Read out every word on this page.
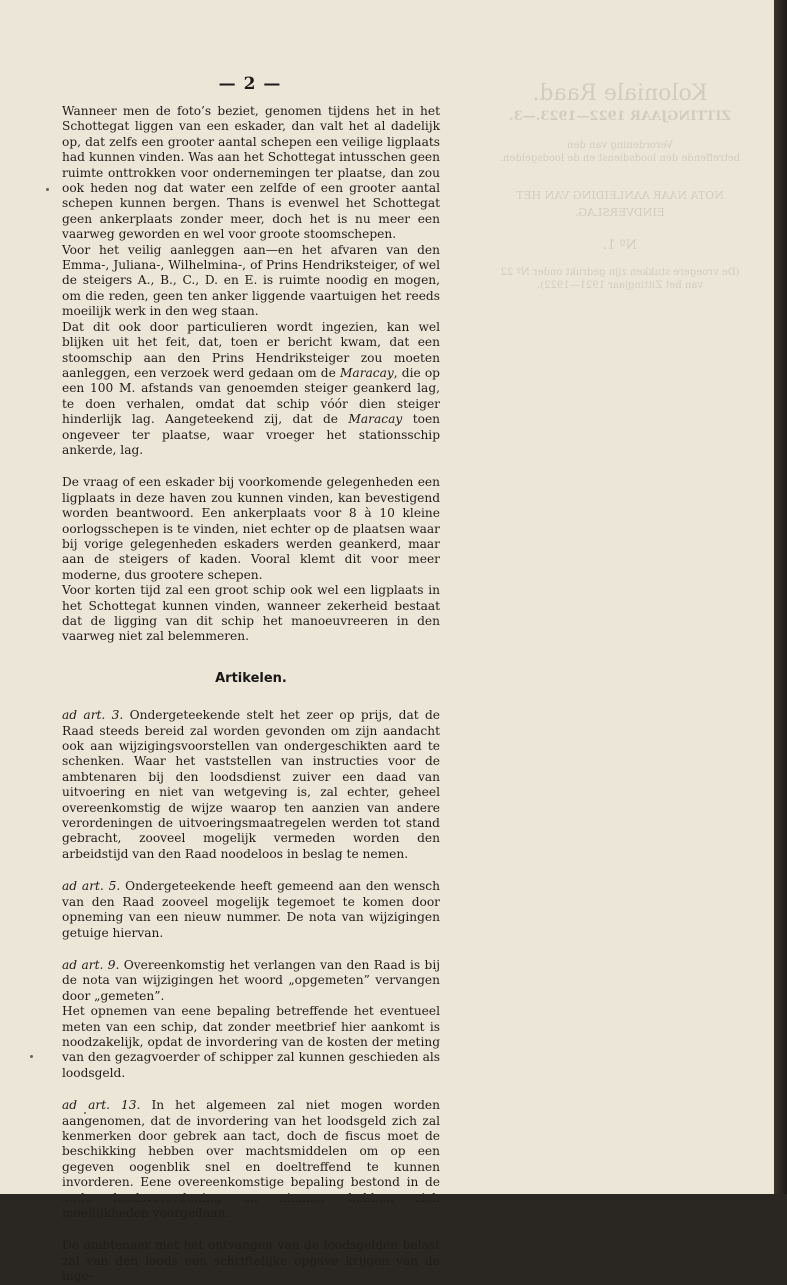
Koloniale Raad.
ZITTINGJAAR 1922—1923.—3.
Verordening van den
betreffende den loodsdienst en de loodsgelden.
NOTA NAAR AANLEIDING VAN HET
EINDVERSLAG.
Nº 1.
(De vroegere stukken zijn gedrukt onder Nº 22
van het Zittingjaar 1921—1922).
— 2 —

Wanneer men de foto’s beziet, genomen tijdens het in het Schottegat liggen van een eskader, dan valt het al dadelijk op, dat zelfs een grooter aantal schepen een veilige ligplaats had kunnen vinden. Was aan het Schottegat intusschen geen ruimte onttrokken voor ondernemingen ter plaatse, dan zou ook heden nog dat water een zelfde of een grooter aantal schepen kunnen bergen. Thans is evenwel het Schottegat geen ankerplaats zonder meer, doch het is nu meer een vaarweg geworden en wel voor groote stoomschepen.

Voor het veilig aanleggen aan—en het afvaren van den Emma-, Juliana-, Wilhelmina-, of Prins Hendriksteiger, of wel de steigers A., B., C., D. en E. is ruimte noodig en mogen, om die reden, geen ten anker liggende vaartuigen het reeds moeilijk werk in den weg staan.

Dat dit ook door particulieren wordt ingezien, kan wel blijken uit het feit, dat, toen er bericht kwam, dat een stoomschip aan den Prins Hendriksteiger zou moeten aanleggen, een verzoek werd gedaan om de Maracay, die op een 100 M. afstands van genoemden steiger geankerd lag, te doen verhalen, omdat dat schip vóór dien steiger hinderlijk lag. Aangeteekend zij, dat de Maracay toen ongeveer ter plaatse, waar vroeger het stationsschip ankerde, lag.

De vraag of een eskader bij voorkomende gelegenheden een ligplaats in deze haven zou kunnen vinden, kan bevestigend worden beantwoord. Een ankerplaats voor 8 à 10 kleine oorlogsschepen is te vinden, niet echter op de plaatsen waar bij vorige gelegenheden eskaders werden geankerd, maar aan de steigers of kaden. Vooral klemt dit voor meer moderne, dus grootere schepen.

Voor korten tijd zal een groot schip ook wel een ligplaats in het Schottegat kunnen vinden, wanneer zekerheid bestaat dat de ligging van dit schip het manoeuvreeren in den vaarweg niet zal belemmeren.

Artikelen.

ad art. 3. Ondergeteekende stelt het zeer op prijs, dat de Raad steeds bereid zal worden gevonden om zijn aandacht ook aan wijzigingsvoorstellen van ondergeschikten aard te schenken. Waar het vaststellen van instructies voor de ambtenaren bij den loodsdienst zuiver een daad van uitvoering en niet van wetgeving is, zal echter, geheel overeenkomstig de wijze waarop ten aanzien van andere verordeningen de uitvoeringsmaatregelen werden tot stand gebracht, zooveel mogelijk vermeden worden den arbeidstijd van den Raad noodeloos in beslag te nemen.

ad art. 5. Ondergeteekende heeft gemeend aan den wensch van den Raad zooveel mogelijk tegemoet te komen door opneming van een nieuw nummer. De nota van wijzigingen getuige hiervan.

ad art. 9. Overeenkomstig het verlangen van den Raad is bij de nota van wijzigingen het woord „opgemeten” vervangen door „gemeten”.

Het opnemen van eene bepaling betreffende het eventueel meten van een schip, dat zonder meetbrief hier aankomt is noodzakelijk, opdat de invordering van de kosten der meting van den gezagvoerder of schipper zal kunnen geschieden als loodsgeld.

ad art. 13. In het algemeen zal niet mogen worden aangenomen, dat de invordering van het loodsgeld zich zal kenmerken door gebrek aan tact, doch de fiscus moet de beschikking hebben over machtsmiddelen om op een gegeven oogenblik snel en doeltreffend te kunnen invorderen. Eene overeenkomstige bepaling bestond in de moeilijkheden voorgedaan.

De ambtenaar met het ontvangen van de loodsgelden belast zal van den loods een schriftelijke opgave krijgen van de inge-
